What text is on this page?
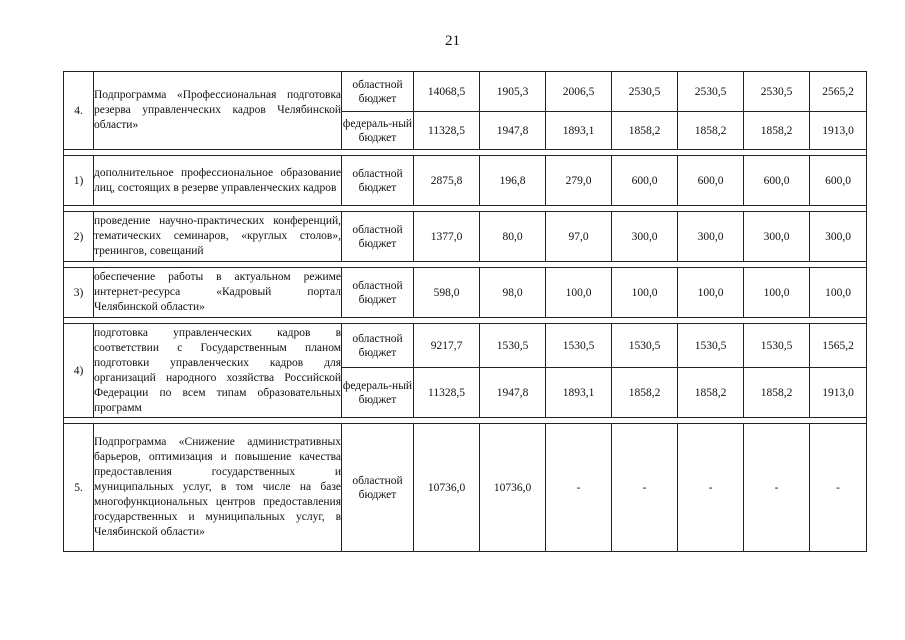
21
4.	Подпрограмма «Профессиональная подготовка резерва управленческих кадров Челябинской области»	областной бюджет	14068,5	1905,3	2006,5	2530,5	2530,5	2530,5	2565,2
		федераль-ный бюджет	11328,5	1947,8	1893,1	1858,2	1858,2	1858,2	1913,0

1)	дополнительное профессиональное образование лиц, состоящих в резерве управленческих кадров	областной бюджет	2875,8	196,8	279,0	600,0	600,0	600,0	600,0

2)	проведение научно-практических конференций, тематических семинаров, «круглых столов», тренингов, совещаний	областной бюджет	1377,0	80,0	97,0	300,0	300,0	300,0	300,0

3)	обеспечение работы в актуальном режиме интернет-ресурса «Кадровый портал Челябинской области»	областной бюджет	598,0	98,0	100,0	100,0	100,0	100,0	100,0

4)	подготовка управленческих кадров в соответствии с Государственным планом подготовки управленческих кадров для организаций народного хозяйства Российской Федерации по всем типам образовательных программ	областной бюджет	9217,7	1530,5	1530,5	1530,5	1530,5	1530,5	1565,2
		федераль-ный бюджет	11328,5	1947,8	1893,1	1858,2	1858,2	1858,2	1913,0

5.	Подпрограмма «Снижение административных барьеров, оптимизация и повышение качества предоставления государственных и муниципальных услуг, в том числе на базе многофункциональных центров предоставления государственных и муниципальных услуг, в Челябинской области»	областной бюджет	10736,0	10736,0	-	-	-	-	-
